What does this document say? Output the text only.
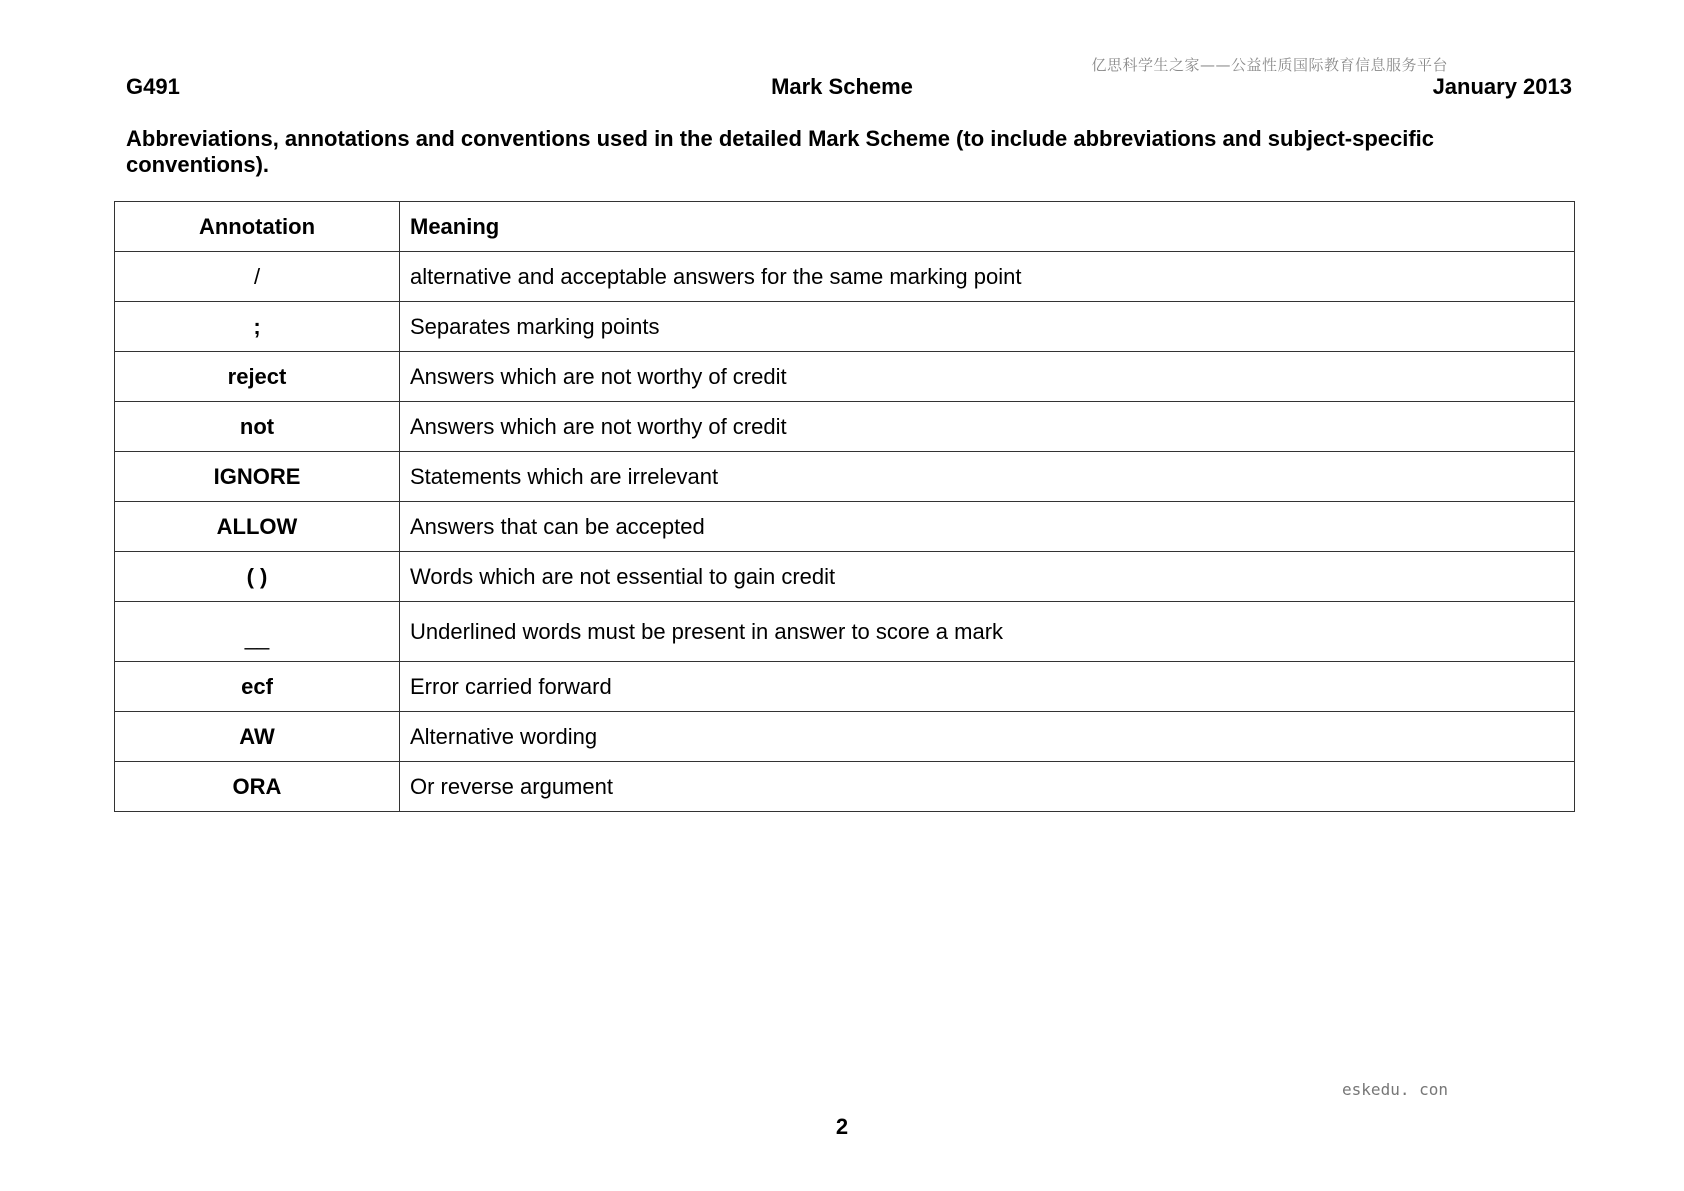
亿思科学生之家——公益性质国际教育信息服务平台
Mark Scheme
G491	January 2013
Abbreviations, annotations and conventions used in the detailed Mark Scheme (to include abbreviations and subject-specific conventions).
Annotation	Meaning
/	alternative and acceptable answers for the same marking point
;	Separates marking points
reject	Answers which are not worthy of credit
not	Answers which are not worthy of credit
IGNORE	Statements which are irrelevant
ALLOW	Answers that can be accepted
( )	Words which are not essential to gain credit
__	Underlined words must be present in answer to score a mark
ecf	Error carried forward
AW	Alternative wording
ORA	Or reverse argument
eskedu. con
2
